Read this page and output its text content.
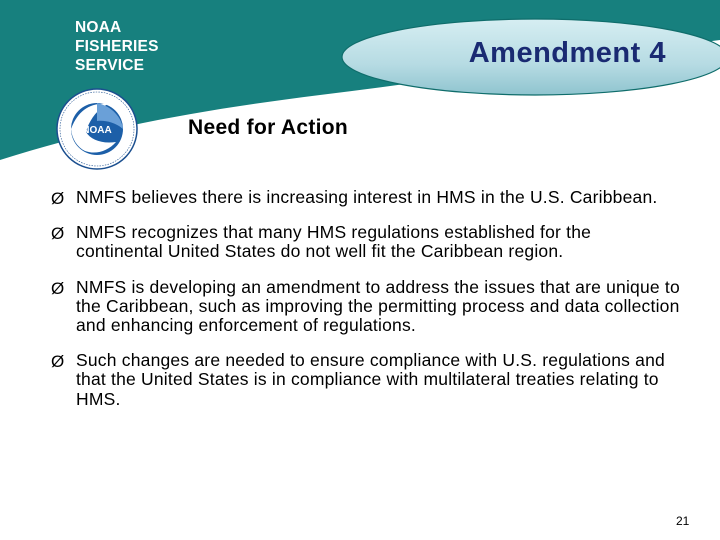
NOAA
FISHERIES
SERVICE
NOAA
Amendment 4
Need for Action
Ø NMFS believes there is increasing interest in HMS in the U.S. Caribbean.
Ø NMFS recognizes that many HMS regulations established for the continental United States do not well fit the Caribbean region.
Ø NMFS is developing an amendment to address the issues that are unique to the Caribbean, such as improving the permitting process and data collection and enhancing enforcement of regulations.
Ø Such changes are needed to ensure compliance with U.S. regulations and that the United States is in compliance with multilateral treaties relating to HMS.
21
